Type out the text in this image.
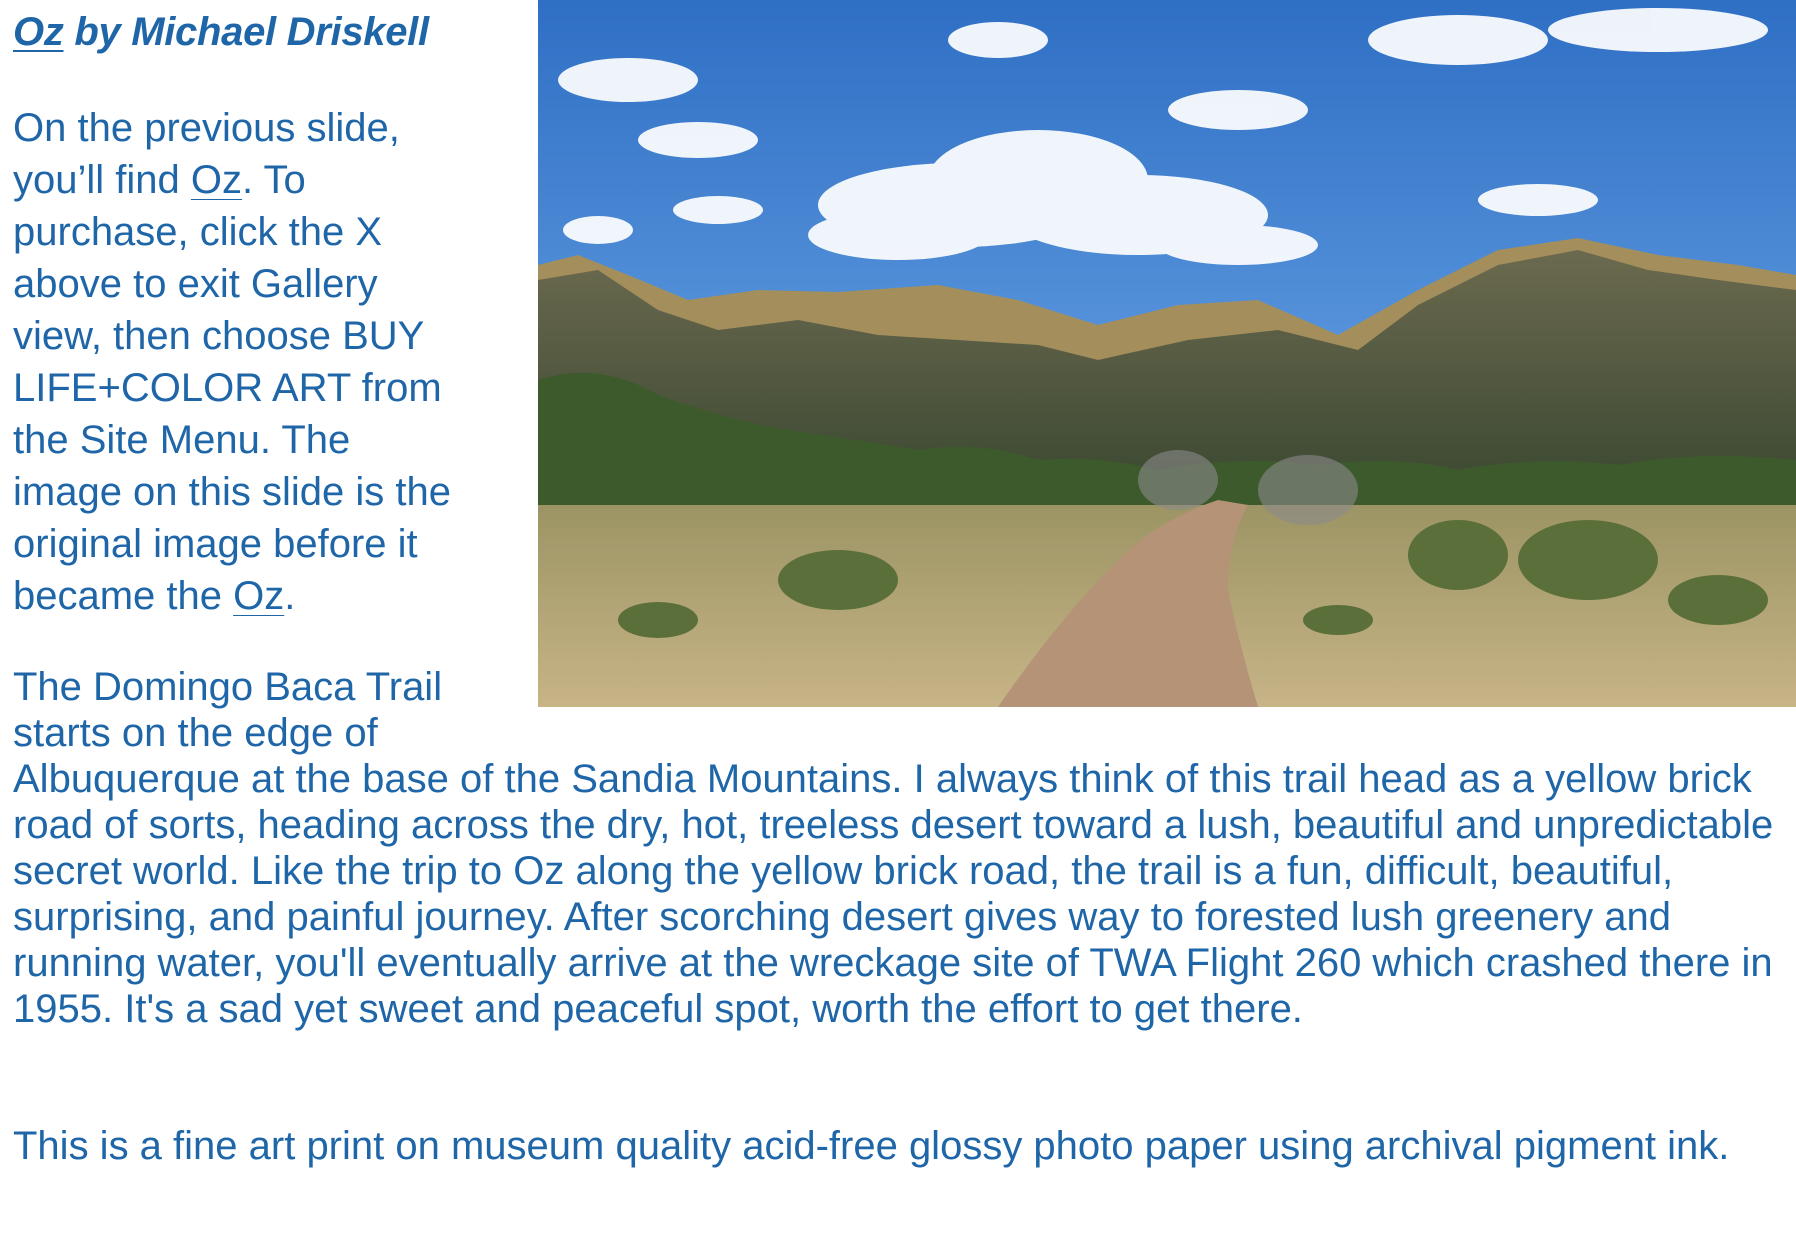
Oz by Michael Driskell

On the previous slide,

you’ll find Oz. To

purchase, click the X

above to exit Gallery

view, then choose BUY

LIFE+COLOR ART from

the Site Menu. The

image on this slide is the

original image before it

became the Oz.

The Domingo Baca Trail

starts on the edge of

Albuquerque at the base of the Sandia Mountains. I always think of this trail head as a yellow brick road of sorts, heading across the dry, hot, treeless desert toward a lush, beautiful and unpredictable secret world. Like the trip to Oz along the yellow brick road, the trail is a fun, difficult, beautiful, surprising, and painful journey. After scorching desert gives way to forested lush greenery and running water, you'll eventually arrive at the wreckage site of TWA Flight 260 which crashed there in 1955. It's a sad yet sweet and peaceful spot, worth the effort to get there.

This is a fine art print on museum quality acid-free glossy photo paper using archival pigment ink.
